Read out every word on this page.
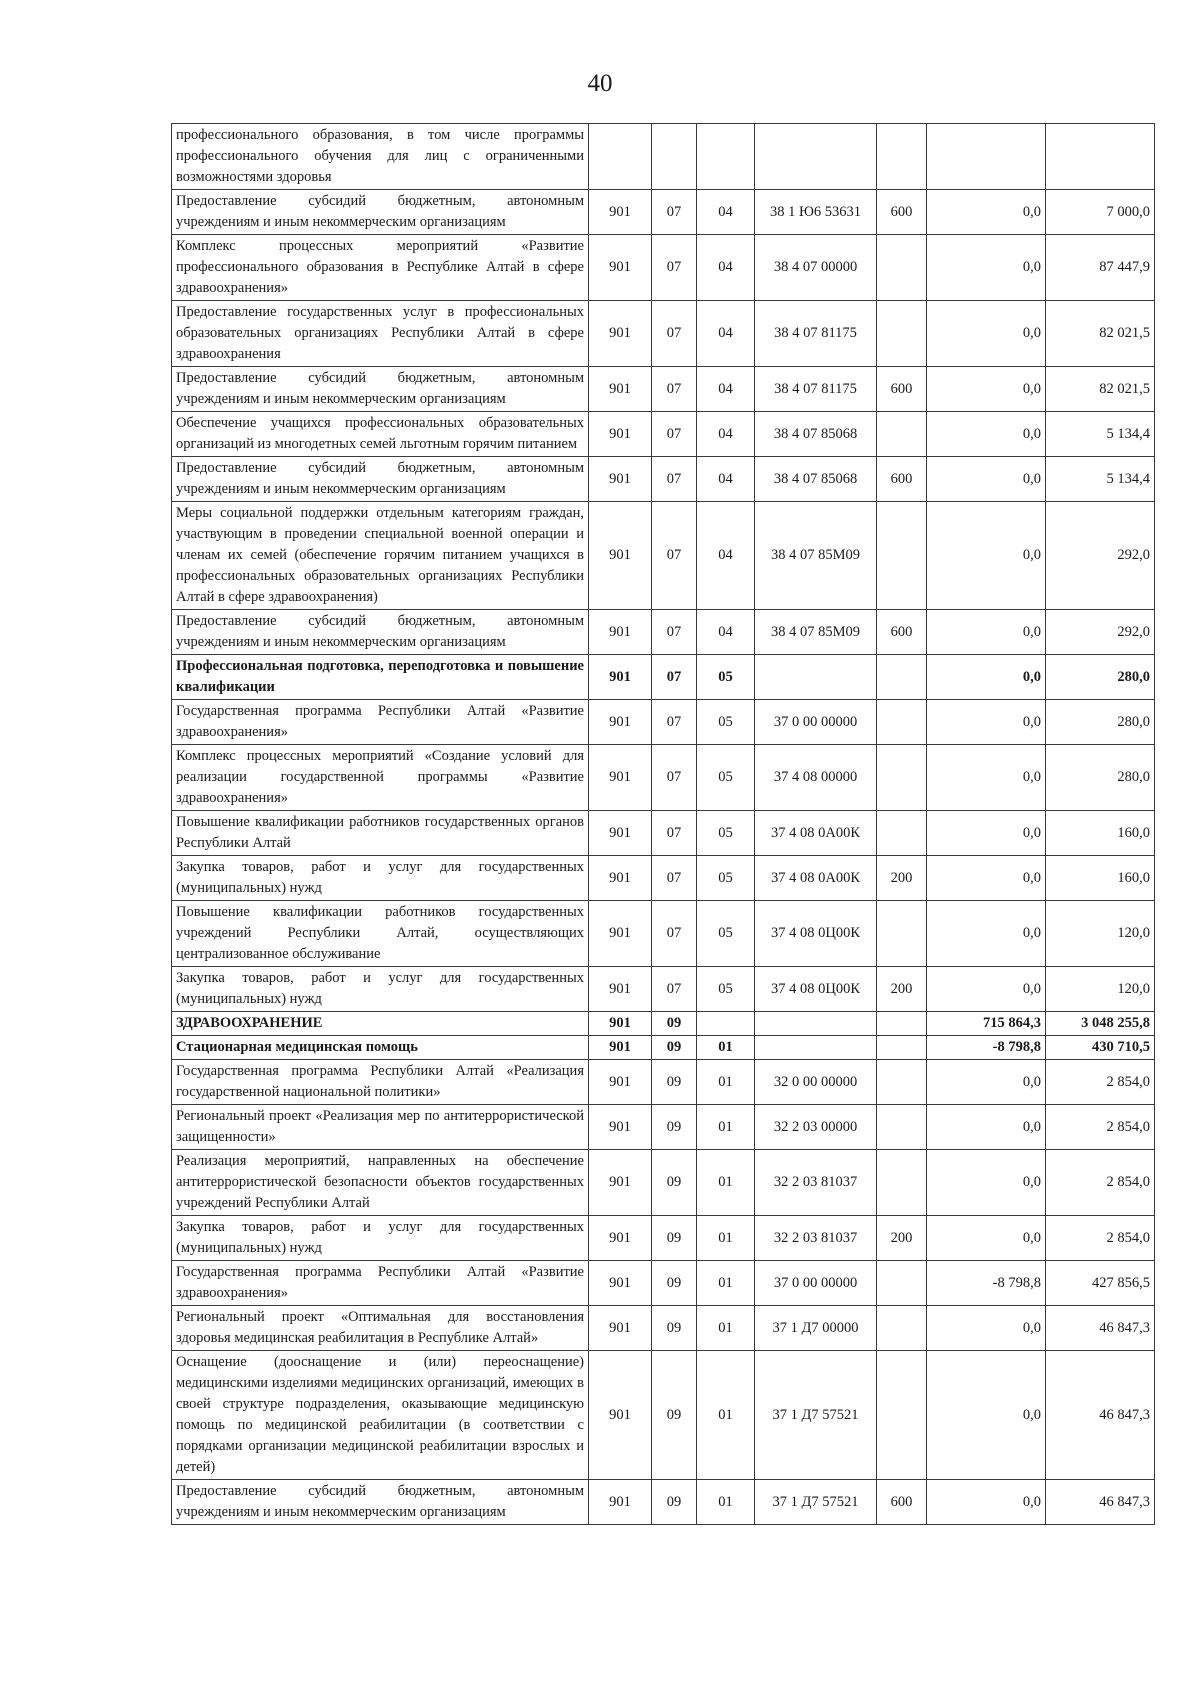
40
профессионального образования, в том числе программы профессионального обучения для лиц с ограниченными возможностями здоровья							

Предоставление субсидий бюджетным, автономным учреждениям и иным некоммерческим организациям	901	07	04	38 1 Ю6 53631	600	0,0	7 000,0

Комплекс процессных мероприятий «Развитие профессионального образования в Республике Алтай в сфере здравоохранения»	901	07	04	38 4 07 00000		0,0	87 447,9

Предоставление государственных услуг в профессиональных образовательных организациях Республики Алтай в сфере здравоохранения	901	07	04	38 4 07 81175		0,0	82 021,5

Предоставление субсидий бюджетным, автономным учреждениям и иным некоммерческим организациям	901	07	04	38 4 07 81175	600	0,0	82 021,5

Обеспечение учащихся профессиональных образовательных организаций из многодетных семей льготным горячим питанием	901	07	04	38 4 07 85068		0,0	5 134,4

Предоставление субсидий бюджетным, автономным учреждениям и иным некоммерческим организациям	901	07	04	38 4 07 85068	600	0,0	5 134,4

Меры социальной поддержки отдельным категориям граждан, участвующим в проведении специальной военной операции и членам их семей (обеспечение горячим питанием учащихся в профессиональных образовательных организациях Республики Алтай в сфере здравоохранения)	901	07	04	38 4 07 85М09		0,0	292,0

Предоставление субсидий бюджетным, автономным учреждениям и иным некоммерческим организациям	901	07	04	38 4 07 85М09	600	0,0	292,0

Профессиональная подготовка, переподготовка и повышение квалификации	901	07	05			0,0	280,0

Государственная программа Республики Алтай «Развитие здравоохранения»	901	07	05	37 0 00 00000		0,0	280,0

Комплекс процессных мероприятий «Создание условий для реализации государственной программы «Развитие здравоохранения»	901	07	05	37 4 08 00000		0,0	280,0

Повышение квалификации работников государственных органов Республики Алтай	901	07	05	37 4 08 0А00К		0,0	160,0

Закупка товаров, работ и услуг для государственных (муниципальных) нужд	901	07	05	37 4 08 0А00К	200	0,0	160,0

Повышение квалификации работников государственных учреждений Республики Алтай, осуществляющих централизованное обслуживание	901	07	05	37 4 08 0Ц00К		0,0	120,0

Закупка товаров, работ и услуг для государственных (муниципальных) нужд	901	07	05	37 4 08 0Ц00К	200	0,0	120,0

ЗДРАВООХРАНЕНИЕ	901	09				715 864,3	3 048 255,8

Стационарная медицинская помощь	901	09	01			-8 798,8	430 710,5

Государственная программа Республики Алтай «Реализация государственной национальной политики»	901	09	01	32 0 00 00000		0,0	2 854,0

Региональный проект «Реализация мер по антитеррористической защищенности»	901	09	01	32 2 03 00000		0,0	2 854,0

Реализация мероприятий, направленных на обеспечение антитеррористической безопасности объектов государственных учреждений Республики Алтай	901	09	01	32 2 03 81037		0,0	2 854,0

Закупка товаров, работ и услуг для государственных (муниципальных) нужд	901	09	01	32 2 03 81037	200	0,0	2 854,0

Государственная программа Республики Алтай «Развитие здравоохранения»	901	09	01	37 0 00 00000		-8 798,8	427 856,5

Региональный проект «Оптимальная для восстановления здоровья медицинская реабилитация в Республике Алтай»	901	09	01	37 1 Д7 00000		0,0	46 847,3

Оснащение (дооснащение и (или) переоснащение) медицинскими изделиями медицинских организаций, имеющих в своей структуре подразделения, оказывающие медицинскую помощь по медицинской реабилитации (в соответствии с порядками организации медицинской реабилитации взрослых и детей)	901	09	01	37 1 Д7 57521		0,0	46 847,3

Предоставление субсидий бюджетным, автономным учреждениям и иным некоммерческим организациям	901	09	01	37 1 Д7 57521	600	0,0	46 847,3
